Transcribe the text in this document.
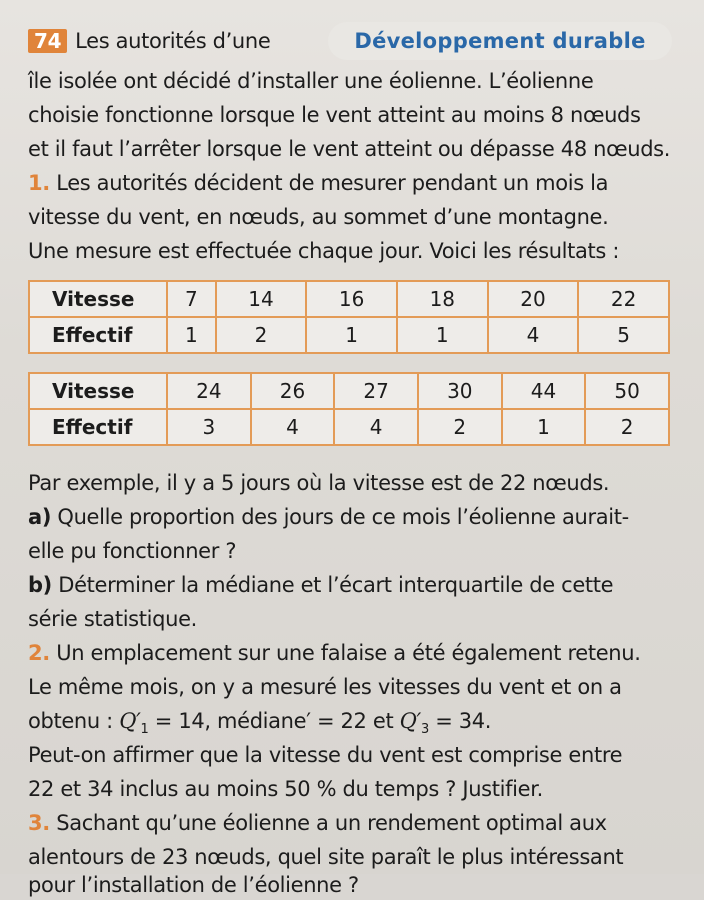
74 Les autorités d’une	Développement durable
île isolée ont décidé d’installer une éolienne. L’éolienne
choisie fonctionne lorsque le vent atteint au moins 8 nœuds
et il faut l’arrêter lorsque le vent atteint ou dépasse 48 nœuds.
1. Les autorités décident de mesurer pendant un mois la
vitesse du vent, en nœuds, au sommet d’une montagne.
Une mesure est effectuée chaque jour. Voici les résultats :
Vitesse	7	14	16	18	20	22
Effectif	1	2	1	1	4	5
Vitesse	24	26	27	30	44	50
Effectif	3	4	4	2	1	2
Par exemple, il y a 5 jours où la vitesse est de 22 nœuds.
a) Quelle proportion des jours de ce mois l’éolienne aurait-
elle pu fonctionner ?
b) Déterminer la médiane et l’écart interquartile de cette
série statistique.
2. Un emplacement sur une falaise a été également retenu.
Le même mois, on y a mesuré les vitesses du vent et on a
obtenu : $Q'_1 = 14$, médiane′ = 22 et $Q'_3 = 34$.
Peut-on affirmer que la vitesse du vent est comprise entre
22 et 34 inclus au moins 50 % du temps ? Justifier.
3. Sachant qu’une éolienne a un rendement optimal aux
alentours de 23 nœuds, quel site paraît le plus intéressant
pour l’installation de l’éolienne ?
